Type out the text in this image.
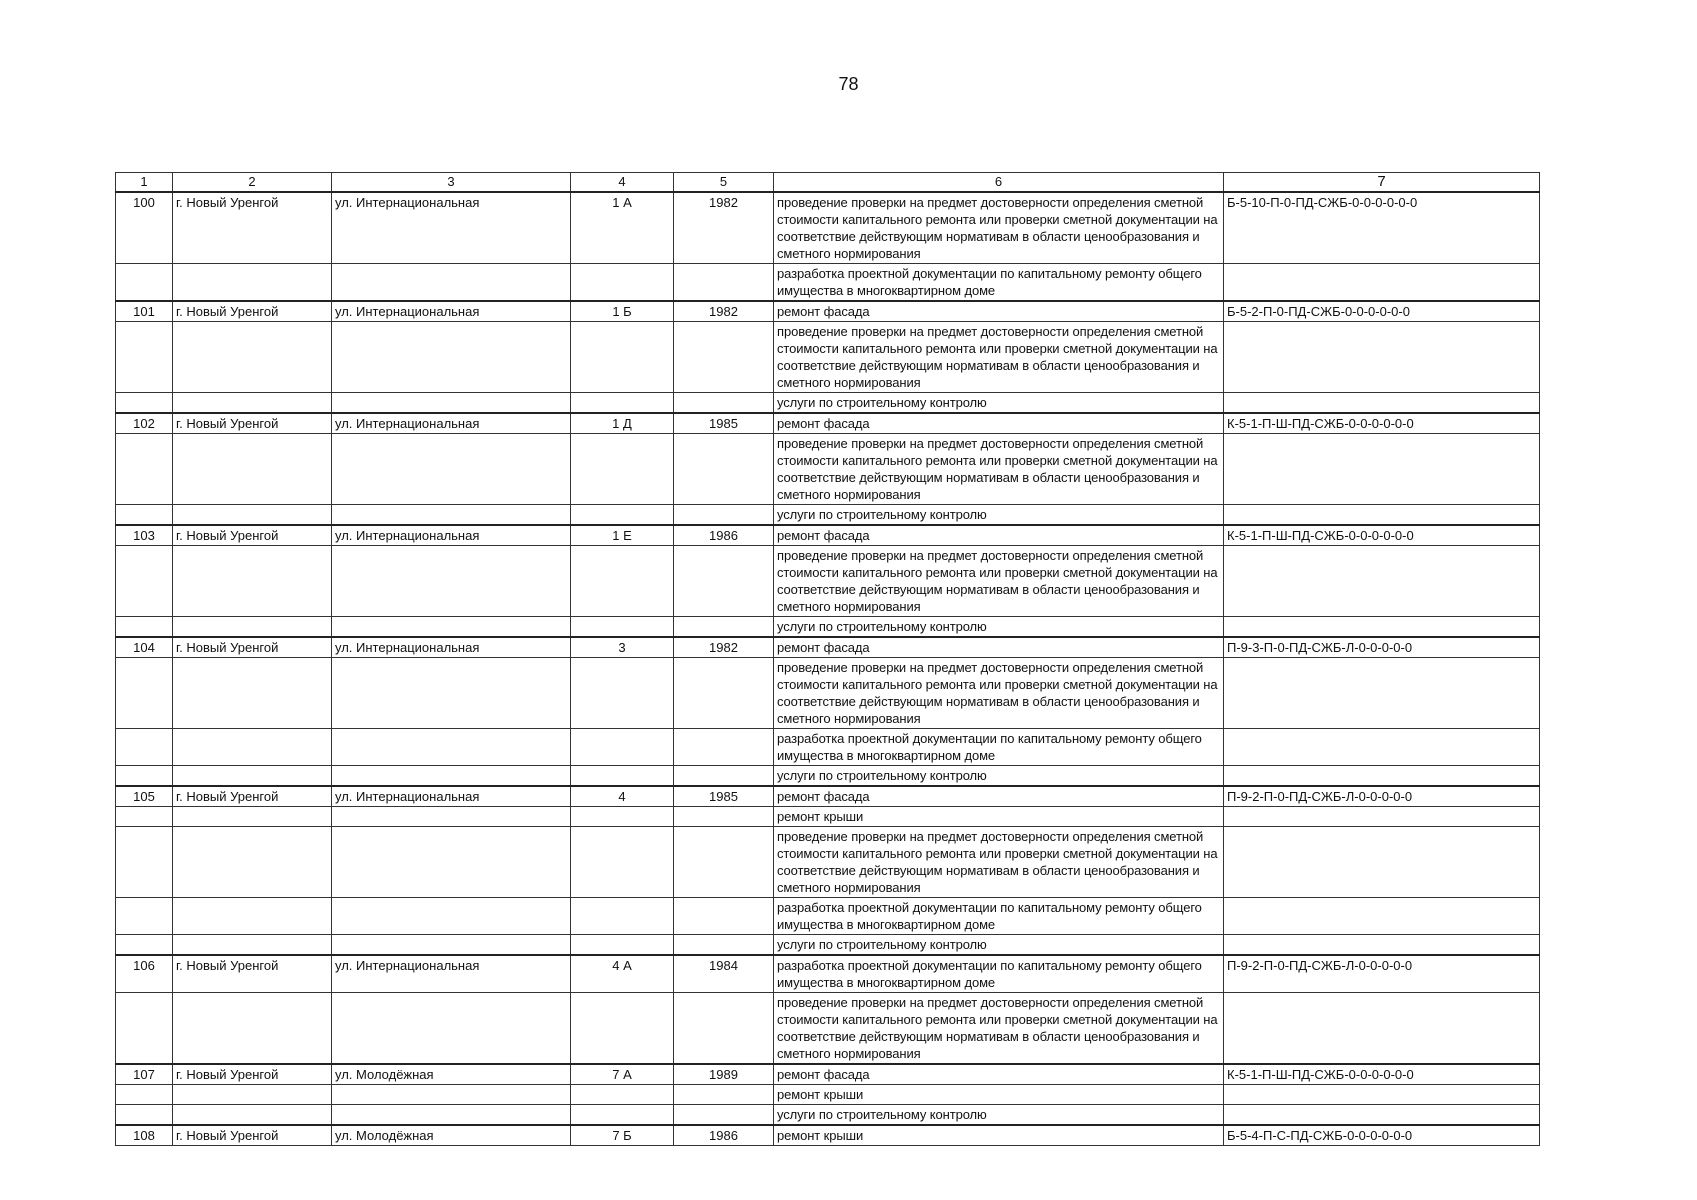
78
1	2	3	4	5	6	7
100	г. Новый Уренгой	ул. Интернациональная	1 А	1982	проведение проверки на предмет достоверности определения сметной стоимости капитального ремонта или проверки сметной документации на соответствие действующим нормативам в области ценообразования и сметного нормирования	Б-5-10-П-0-ПД-СЖБ-0-0-0-0-0-0
					разработка проектной документации по капитальному ремонту общего имущества в многоквартирном доме	
101	г. Новый Уренгой	ул. Интернациональная	1 Б	1982	ремонт фасада	Б-5-2-П-0-ПД-СЖБ-0-0-0-0-0-0
					проведение проверки на предмет достоверности определения сметной стоимости капитального ремонта или проверки сметной документации на соответствие действующим нормативам в области ценообразования и сметного нормирования	
					услуги по строительному контролю	
102	г. Новый Уренгой	ул. Интернациональная	1 Д	1985	ремонт фасада	К-5-1-П-Ш-ПД-СЖБ-0-0-0-0-0-0
					проведение проверки на предмет достоверности определения сметной стоимости капитального ремонта или проверки сметной документации на соответствие действующим нормативам в области ценообразования и сметного нормирования	
					услуги по строительному контролю	
103	г. Новый Уренгой	ул. Интернациональная	1 Е	1986	ремонт фасада	К-5-1-П-Ш-ПД-СЖБ-0-0-0-0-0-0
					проведение проверки на предмет достоверности определения сметной стоимости капитального ремонта или проверки сметной документации на соответствие действующим нормативам в области ценообразования и сметного нормирования	
					услуги по строительному контролю	
104	г. Новый Уренгой	ул. Интернациональная	3	1982	ремонт фасада	П-9-3-П-0-ПД-СЖБ-Л-0-0-0-0-0
					проведение проверки на предмет достоверности определения сметной стоимости капитального ремонта или проверки сметной документации на соответствие действующим нормативам в области ценообразования и сметного нормирования	
					разработка проектной документации по капитальному ремонту общего имущества в многоквартирном доме	
					услуги по строительному контролю	
105	г. Новый Уренгой	ул. Интернациональная	4	1985	ремонт фасада	П-9-2-П-0-ПД-СЖБ-Л-0-0-0-0-0
					ремонт крыши	
					проведение проверки на предмет достоверности определения сметной стоимости капитального ремонта или проверки сметной документации на соответствие действующим нормативам в области ценообразования и сметного нормирования	
					разработка проектной документации по капитальному ремонту общего имущества в многоквартирном доме	
					услуги по строительному контролю	
106	г. Новый Уренгой	ул. Интернациональная	4 А	1984	разработка проектной документации по капитальному ремонту общего имущества в многоквартирном доме	П-9-2-П-0-ПД-СЖБ-Л-0-0-0-0-0
					проведение проверки на предмет достоверности определения сметной стоимости капитального ремонта или проверки сметной документации на соответствие действующим нормативам в области ценообразования и сметного нормирования	
107	г. Новый Уренгой	ул. Молодёжная	7 А	1989	ремонт фасада	К-5-1-П-Ш-ПД-СЖБ-0-0-0-0-0-0
					ремонт крыши	
					услуги по строительному контролю	
108	г. Новый Уренгой	ул. Молодёжная	7 Б	1986	ремонт крыши	Б-5-4-П-С-ПД-СЖБ-0-0-0-0-0-0
